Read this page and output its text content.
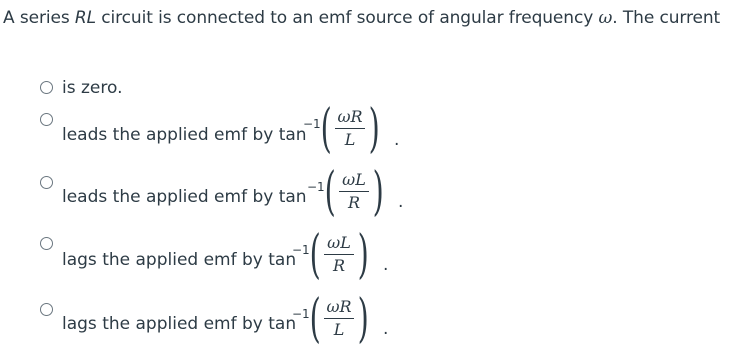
A series RL circuit is connected to an emf source of angular frequency ω. The current
is zero.
leads the applied emf by tan
−1 ( ωR
L ) .
leads the applied emf by tan −1 ( ωL
R ) .
lags the applied emf by tan
−1 ( ωL
R ) .
lags the applied emf by tan
−1 ( ωR
L ) .
